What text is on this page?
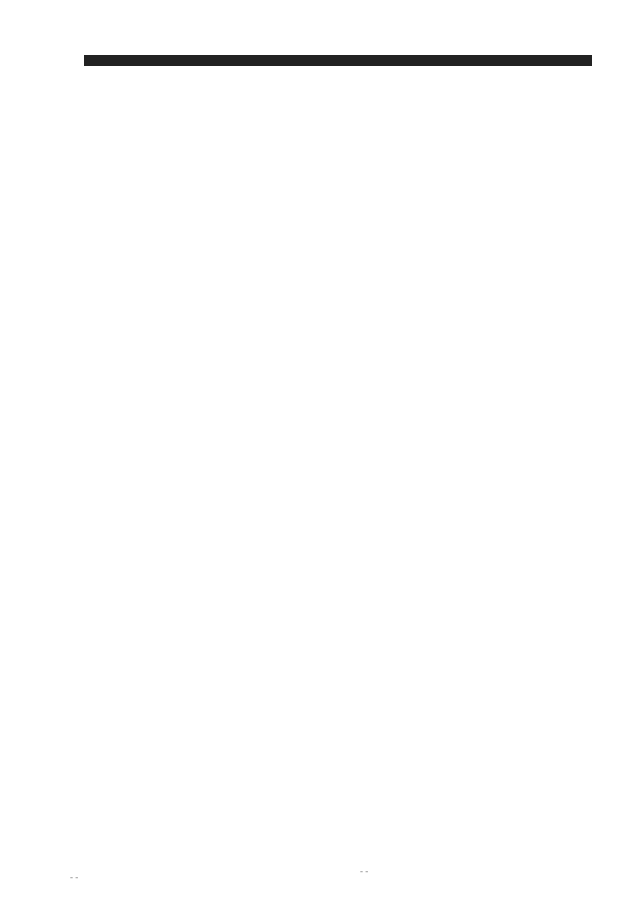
‐ ‐
‐ ‐
